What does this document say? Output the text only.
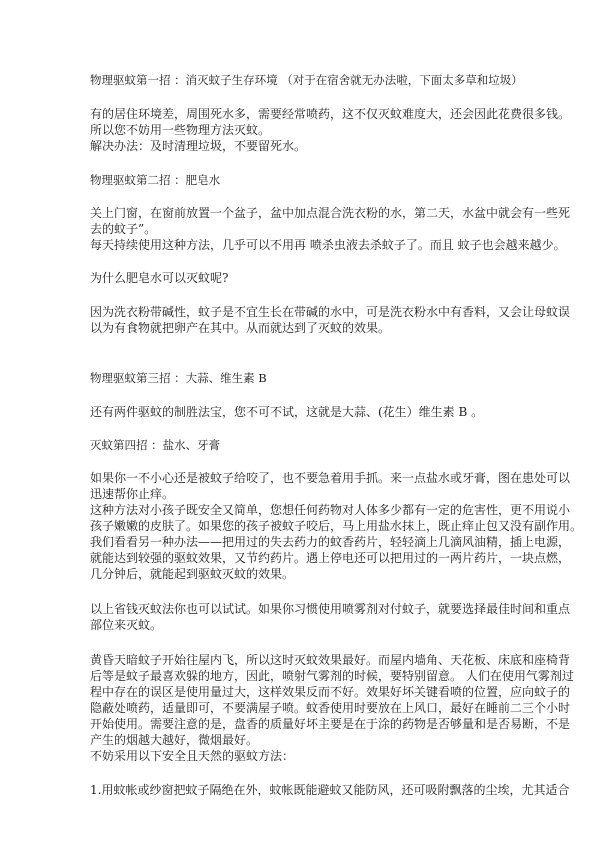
物理驱蚊第一招 ：消灭蚊子生存环境 （对于在宿舍就无办法啦，下面太多草和垃圾）
有的居住环境差，周围死水多，需要经常喷药，这不仅灭蚊难度大，还会因此花费很多钱。
所以您不妨用一些物理方法灭蚊。
解决办法：及时清理垃圾，不要留死水。
物理驱蚊第二招 ：肥皂水
关上门窗，在窗前放置一个盆子，盆中加点混合洗衣粉的水，第二天，水盆中就会有一些死
去的蚊子”。
每天持续使用这种方法，几乎可以不用再 喷杀虫液去杀蚊子了。而且 蚊子也会越来越少。
为什么肥皂水可以灭蚊呢?
因为洗衣粉带碱性，蚊子是不宜生长在带碱的水中，可是洗衣粉水中有香料，又会让母蚊误
以为有食物就把卵产在其中。从而就达到了灭蚊的效果。
物理驱蚊第三招 ：大蒜、维生素 B
还有两件驱蚊的制胜法宝，您不可不试，这就是大蒜、(花生）维生素 B 。
灭蚊第四招 ：盐水、牙膏
如果你一不小心还是被蚊子给咬了，也不要急着用手抓。来一点盐水或牙膏，图在患处可以
迅速帮你止痒。
这种方法对小孩子既安全又简单，您想任何药物对人体多少都有一定的危害性，更不用说小
孩子嫩嫩的皮肤了。如果您的孩子被蚊子咬后，马上用盐水抹上，既止痒止包又没有副作用。
我们看看另一种办法——把用过的失去药力的蚊香药片，轻轻滴上几滴风油精，插上电源，
就能达到较强的驱蚊效果，又节约药片。遇上停电还可以把用过的一两片药片，一块点燃，
几分钟后，就能起到驱蚊灭蚊的效果。
以上省钱灭蚊法你也可以试试。如果你习惯使用喷雾剂对付蚊子，就要选择最佳时间和重点
部位来灭蚊。
黄昏天暗蚊子开始往屋内飞，所以这时灭蚊效果最好。而屋内墙角、天花板、床底和座椅背
后等是蚊子最喜欢躲的地方，因此，喷射气雾剂的时候，要特别留意。 人们在使用气雾剂过
程中存在的误区是使用量过大，这样效果反而不好。效果好坏关键看喷的位置，应向蚊子的
隐蔽处喷药，适量即可，不要满屋子喷。蚊香使用时要放在上风口，最好在睡前二三个小时
开始使用。需要注意的是，盘香的质量好坏主要是在于涂的药物是否够量和是否易断，不是
产生的烟越大越好，微烟最好。
不妨采用以下安全且天然的驱蚊方法：
1.用蚊帐或纱窗把蚊子隔绝在外，蚊帐既能避蚊又能防风，还可吸附飘落的尘埃，尤其适合
